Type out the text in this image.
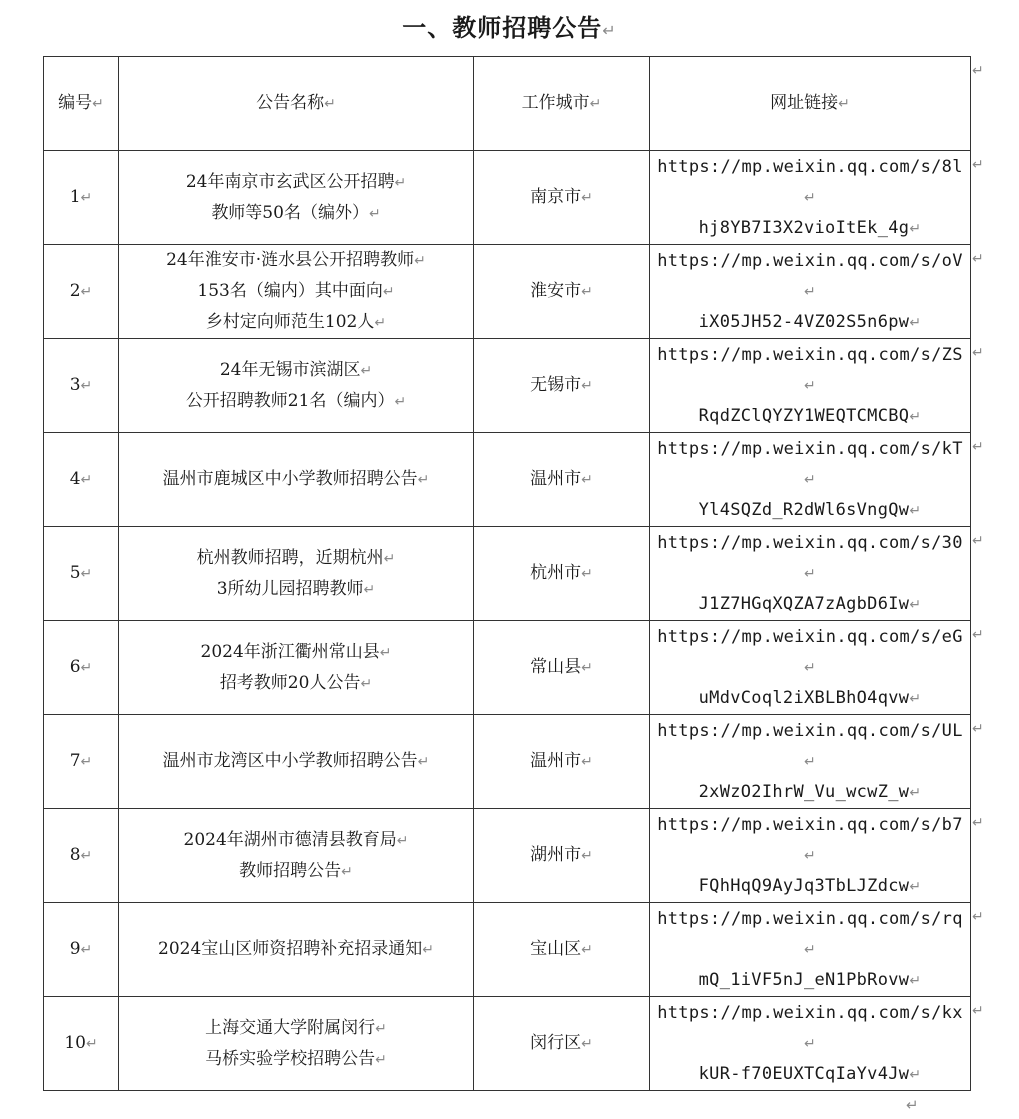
一、教师招聘公告↵
编号↵	公告名称↵	工作城市↵	网址链接↵
1↵	24年南京市玄武区公开招聘↵
教师等50名（编外）↵	南京市↵	https://mp.weixin.qq.com/s/8l↵
hj8YB7I3X2vioItEk_4g↵
2↵	24年淮安市·涟水县公开招聘教师↵
153名（编内）其中面向↵
乡村定向师范生102人↵	淮安市↵	https://mp.weixin.qq.com/s/oV↵
iX05JH52-4VZ02S5n6pw↵
3↵	24年无锡市滨湖区↵
公开招聘教师21名（编内）↵	无锡市↵	https://mp.weixin.qq.com/s/ZS↵
RqdZClQYZY1WEQTCMCBQ↵
4↵	温州市鹿城区中小学教师招聘公告↵	温州市↵	https://mp.weixin.qq.com/s/kT↵
Yl4SQZd_R2dWl6sVngQw↵
5↵	杭州教师招聘，近期杭州↵
3所幼儿园招聘教师↵	杭州市↵	https://mp.weixin.qq.com/s/30↵
J1Z7HGqXQZA7zAgbD6Iw↵
6↵	2024年浙江衢州常山县↵
招考教师20人公告↵	常山县↵	https://mp.weixin.qq.com/s/eG↵
uMdvCoql2iXBLBhO4qvw↵
7↵	温州市龙湾区中小学教师招聘公告↵	温州市↵	https://mp.weixin.qq.com/s/UL↵
2xWzO2IhrW_Vu_wcwZ_w↵
8↵	2024年湖州市德清县教育局↵
教师招聘公告↵	湖州市↵	https://mp.weixin.qq.com/s/b7↵
FQhHqQ9AyJq3TbLJZdcw↵
9↵	2024宝山区师资招聘补充招录通知↵	宝山区↵	https://mp.weixin.qq.com/s/rq↵
mQ_1iVF5nJ_eN1PbRovw↵
10↵	上海交通大学附属闵行↵
马桥实验学校招聘公告↵	闵行区↵	https://mp.weixin.qq.com/s/kx↵
kUR-f70EUXTCqIaYv4Jw↵
↵
↵
↵
↵
↵
↵
↵
↵
↵
↵
↵
↵
